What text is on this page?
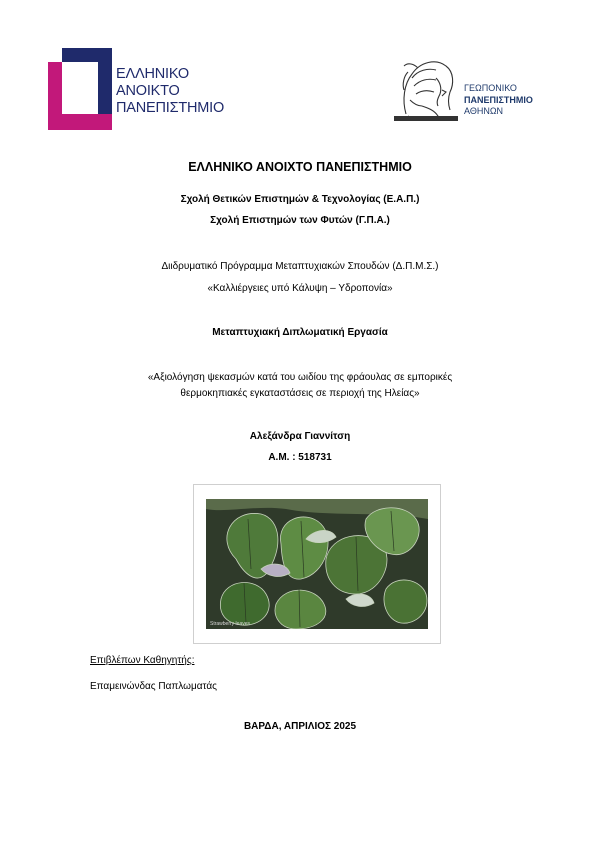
ΕΛΛΗΝΙΚΟ
ΑΝΟΙΚΤΟ
ΠΑΝΕΠΙΣΤΗΜΙΟ
ΓΕΩΠΟΝΙΚΟ
ΠΑΝΕΠΙΣΤΗΜΙΟ
ΑΘΗΝΩΝ
ΕΛΛΗΝΙΚΟ ΑΝΟΙΧΤΟ ΠΑΝΕΠΙΣΤΗΜΙΟ
Σχολή Θετικών Επιστημών & Τεχνολογίας (Ε.Α.Π.)
Σχολή Επιστημών των Φυτών (Γ.Π.Α.)
Διιδρυματικό Πρόγραμμα Μεταπτυχιακών Σπουδών (Δ.Π.Μ.Σ.)
«Καλλιέργειες υπό Κάλυψη – Υδροπονία»
Μεταπτυχιακή Διπλωματική Εργασία
«Αξιολόγηση ψεκασμών κατά του ωιδίου της φράουλας σε εμπορικές
θερμοκηπιακές εγκαταστάσεις σε περιοχή της Ηλείας»
Αλεξάνδρα Γιαννίτση
Α.Μ. : 518731
Strawberry leaves
Επιβλέπων Καθηγητής:
Επαμεινώνδας Παπλωματάς
ΒΑΡΔΑ, ΑΠΡΙΛΙΟΣ 2025
